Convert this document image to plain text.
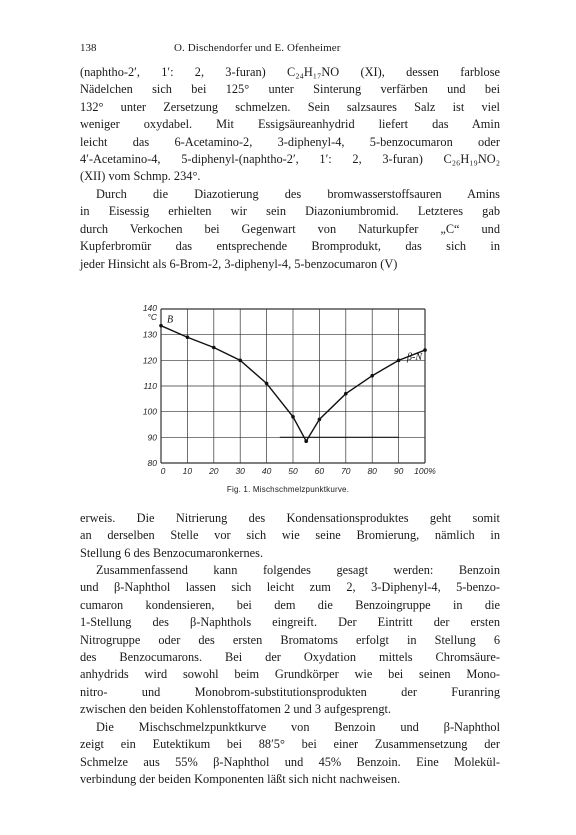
138	O. Dischendorfer und E. Ofenheimer
(naphtho-2′, 1′: 2, 3-furan) C₂₄H₁₇NO (XI), dessen farblose
Nädelchen sich bei 125° unter Sinterung verfärben und bei
132° unter Zersetzung schmelzen. Sein salzsaures Salz ist viel
weniger oxydabel. Mit Essigsäureanhydrid liefert das Amin
leicht das 6-Acetamino-2, 3-diphenyl-4, 5-benzocumaron oder
4′-Acetamino-4, 5-diphenyl-(naphtho-2′, 1′: 2, 3-furan) C₂₆H₁₉NO₂
(XII) vom Schmp. 234°.
Durch die Diazotierung des bromwasserstoffsauren Amins
in Eisessig erhielten wir sein Diazoniumbromid. Letzteres gab
durch Verkochen bei Gegenwart von Naturkupfer „C“ und
Kupferbromür das entsprechende Bromprodukt, das sich in
jeder Hinsicht als 6-Brom-2, 3-diphenyl-4, 5-benzocumaron (V)
80
90
100
110
120
130
140
°C
0 10 20 30 40 50 60 70 80 90 100%
B
β-N
Fig. 1. Mischschmelzpunktkurve.
erweis. Die Nitrierung des Kondensationsproduktes geht somit
an derselben Stelle vor sich wie seine Bromierung, nämlich in
Stellung 6 des Benzocumaronkernes.
Zusammenfassend kann folgendes gesagt werden: Benzoin
und β-Naphthol lassen sich leicht zum 2, 3-Diphenyl-4, 5-benzo-
cumaron kondensieren, bei dem die Benzoingruppe in die
1-Stellung des β-Naphthols eingreift. Der Eintritt der ersten
Nitrogruppe oder des ersten Bromatoms erfolgt in Stellung 6
des Benzocumarons. Bei der Oxydation mittels Chromsäure-
anhydrids wird sowohl beim Grundkörper wie bei seinen Mono-
nitro- und Monobrom-substitutionsprodukten der Furanring
zwischen den beiden Kohlenstoffatomen 2 und 3 aufgesprengt.
Die Mischschmelzpunktkurve von Benzoin und β-Naphthol
zeigt ein Eutektikum bei 88′5° bei einer Zusammensetzung der
Schmelze aus 55% β-Naphthol und 45% Benzoin. Eine Molekül-
verbindung der beiden Komponenten läßt sich nicht nachweisen.
